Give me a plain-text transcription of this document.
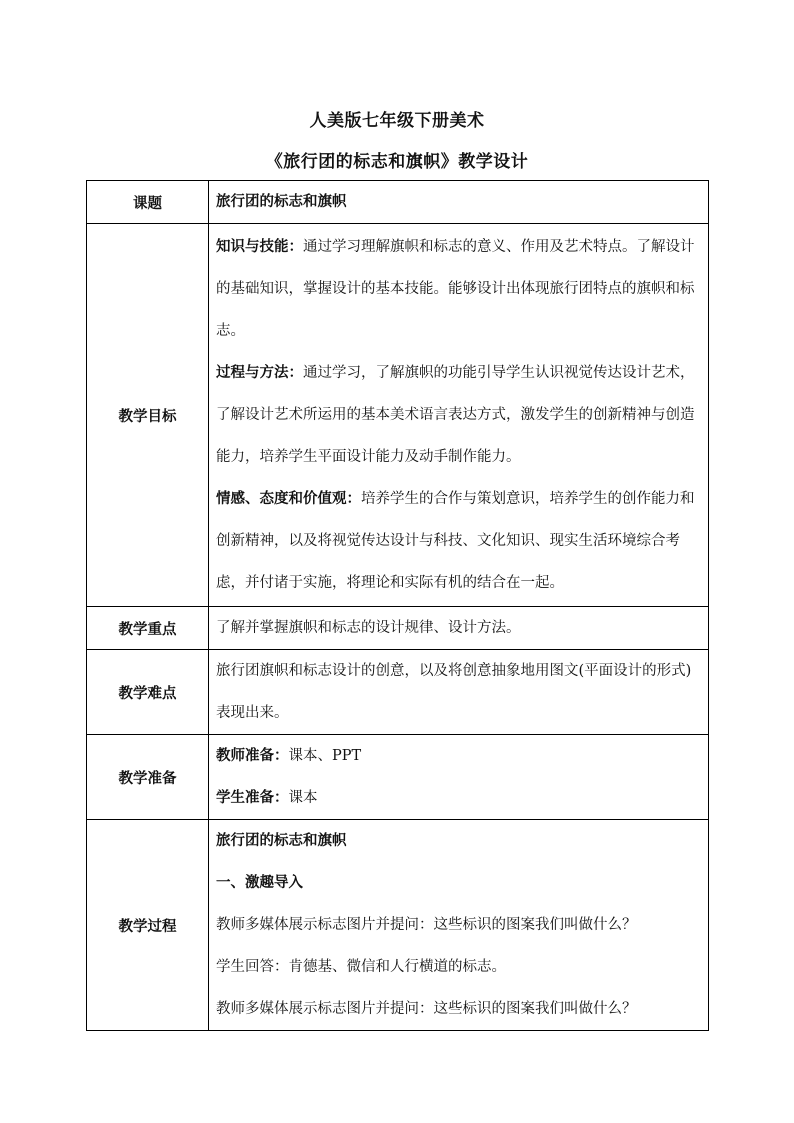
人美版七年级下册美术
《旅行团的标志和旗帜》教学设计
课题	旅行团的标志和旗帜
教学目标	知识与技能：通过学习理解旗帜和标志的意义、作用及艺术特点。了解设计的基础知识，掌握设计的基本技能。能够设计出体现旅行团特点的旗帜和标志。

过程与方法：通过学习，了解旗帜的功能引导学生认识视觉传达设计艺术，了解设计艺术所运用的基本美术语言表达方式，激发学生的创新精神与创造能力，培养学生平面设计能力及动手制作能力。

情感、态度和价值观：培养学生的合作与策划意识，培养学生的创作能力和创新精神，以及将视觉传达设计与科技、文化知识、现实生活环境综合考虑，并付诸于实施，将理论和实际有机的结合在一起。

教学重点	了解并掌握旗帜和标志的设计规律、设计方法。
教学难点	旅行团旗帜和标志设计的创意，以及将创意抽象地用图文(平面设计的形式)表现出来。
教学准备	教师准备：课本、PPT

学生准备：课本

教学过程	旅行团的标志和旗帜

一、激趣导入

教师多媒体展示标志图片并提问：这些标识的图案我们叫做什么？

学生回答：肯德基、微信和人行横道的标志。

教师多媒体展示标志图片并提问：这些标识的图案我们叫做什么？
